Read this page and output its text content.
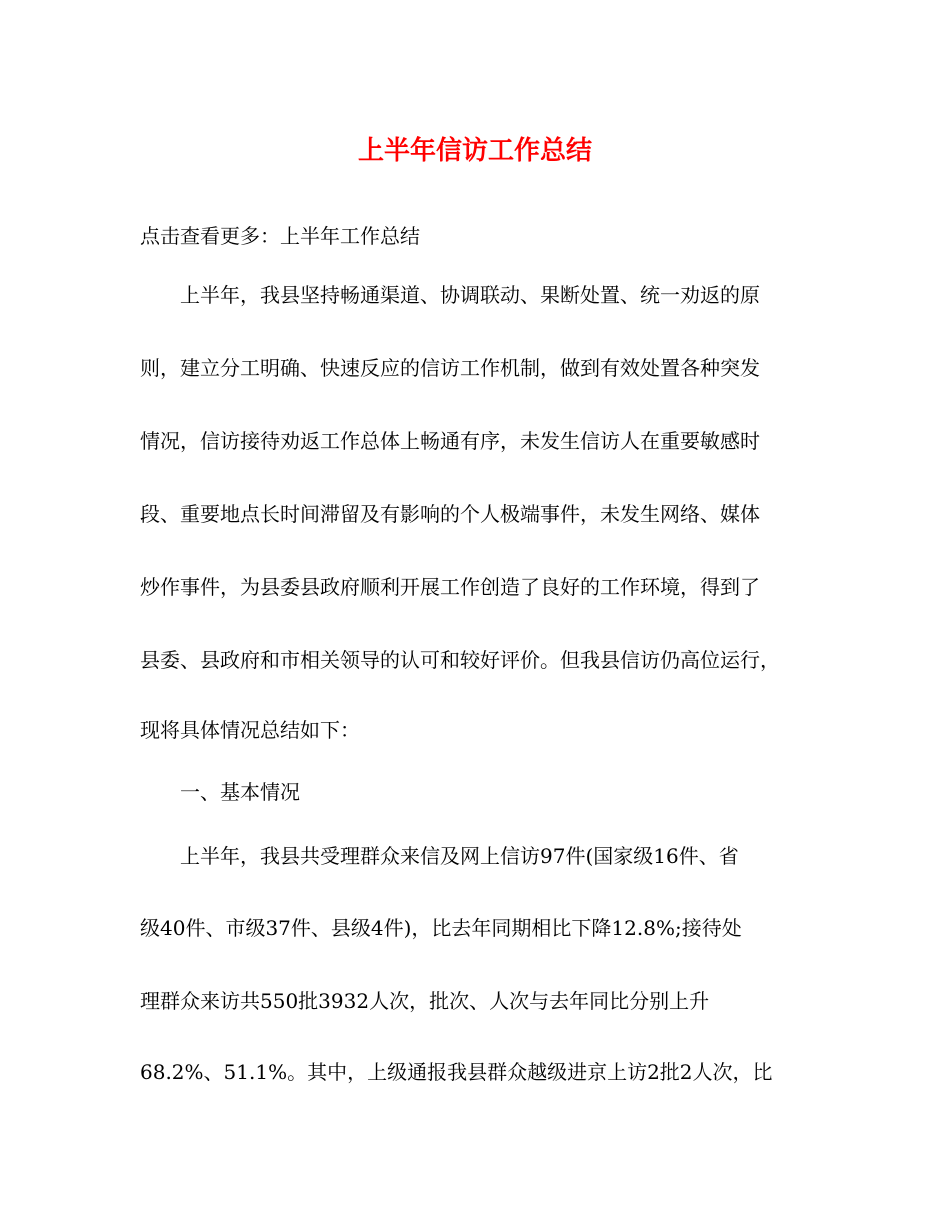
上半年信访工作总结

点击查看更多：上半年工作总结

上半年，我县坚持畅通渠道、协调联动、果断处置、统一劝返的原

则，建立分工明确、快速反应的信访工作机制，做到有效处置各种突发

情况，信访接待劝返工作总体上畅通有序，未发生信访人在重要敏感时

段、重要地点长时间滞留及有影响的个人极端事件，未发生网络、媒体

炒作事件，为县委县政府顺利开展工作创造了良好的工作环境，得到了

县委、县政府和市相关领导的认可和较好评价。但我县信访仍高位运行，

现将具体情况总结如下：

一、基本情况

上半年，我县共受理群众来信及网上信访97件(国家级16件、省

级40件、市级37件、县级4件)，比去年同期相比下降12.8%;接待处

理群众来访共550批3932人次，批次、人次与去年同比分别上升

68.2%、51.1%。其中，上级通报我县群众越级进京上访2批2人次，比
